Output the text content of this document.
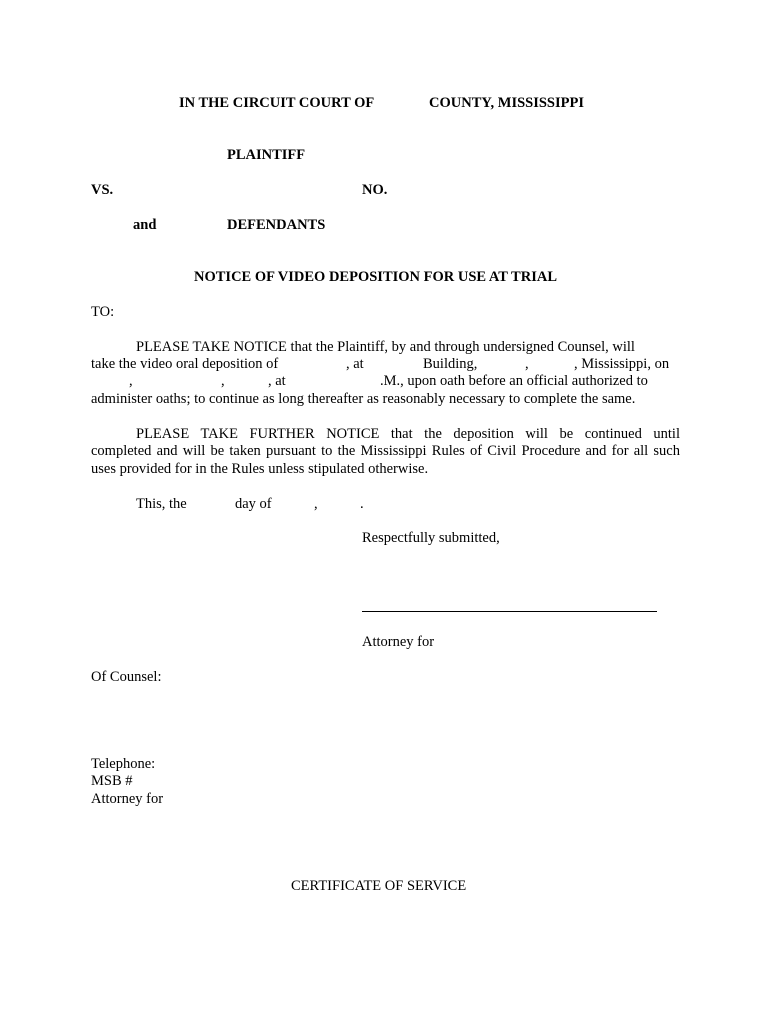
IN THE CIRCUIT COURT OF	COUNTY, MISSISSIPPI
PLAINTIFF
VS.	NO.
and	DEFENDANTS
NOTICE OF VIDEO DEPOSITION FOR USE AT TRIAL
TO:
PLEASE TAKE NOTICE that the Plaintiff, by and through undersigned Counsel, will
take the video oral deposition of	, at	Building,	,	, Mississippi, on
,	,	, at	.M., upon oath before an official authorized to
administer oaths; to continue as long thereafter as reasonably necessary to complete the same.
PLEASE TAKE FURTHER NOTICE that the deposition will be continued until
completed and will be taken pursuant to the Mississippi Rules of Civil Procedure and for all such
uses provided for in the Rules unless stipulated otherwise.
This, the	day of	,	.
Respectfully submitted,
Attorney for
Of Counsel:
Telephone:
MSB #
Attorney for
CERTIFICATE OF SERVICE
